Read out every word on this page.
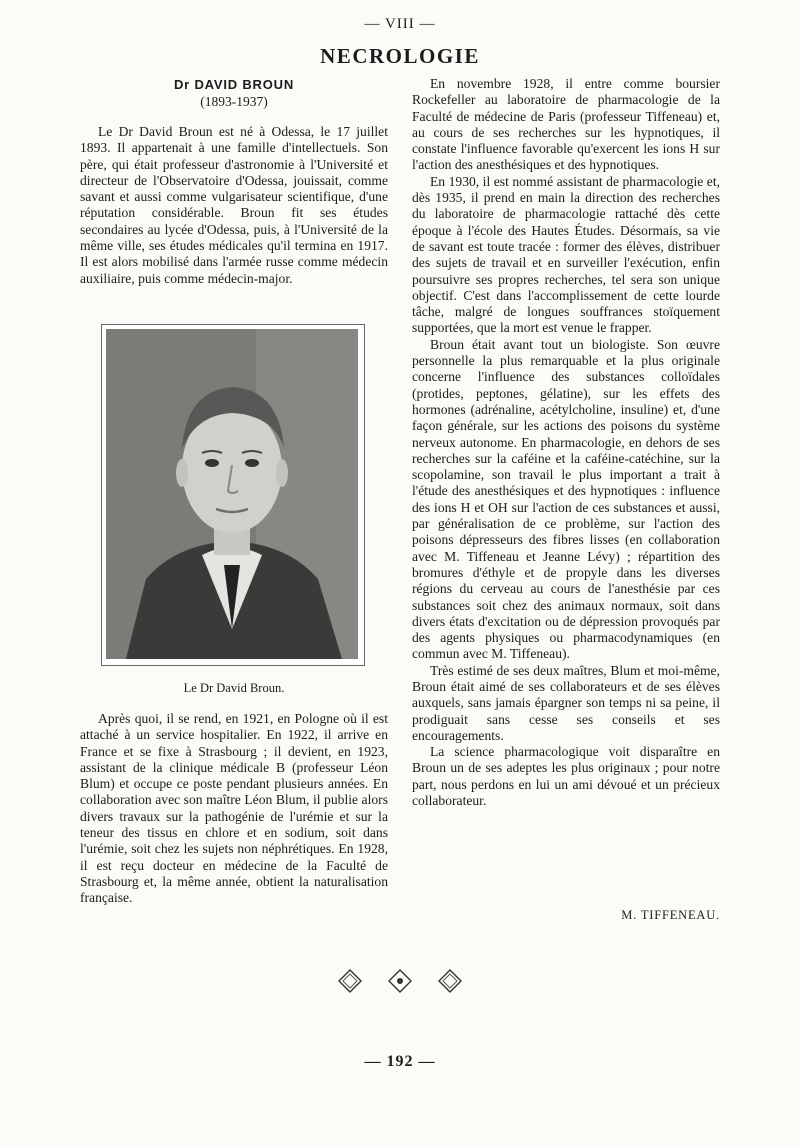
— VIII —
NECROLOGIE
Dr DAVID BROUN
(1893-1937)

Le Dr David Broun est né à Odessa, le 17 juillet 1893. Il appartenait à une famille d'intellectuels. Son père, qui était professeur d'astronomie à l'Université et directeur de l'Observatoire d'Odessa, jouissait, comme savant et aussi comme vulgarisateur scientifique, d'une réputation considérable. Broun fit ses études secondaires au lycée d'Odessa, puis, à l'Université de la même ville, ses études médicales qu'il termina en 1917. Il est alors mobilisé dans l'armée russe comme médecin auxiliaire, puis comme médecin-major.

Le Dr David Broun.

Après quoi, il se rend, en 1921, en Pologne où il est attaché à un service hospitalier. En 1922, il arrive en France et se fixe à Strasbourg ; il devient, en 1923, assistant de la clinique médicale B (professeur Léon Blum) et occupe ce poste pendant plusieurs années. En collaboration avec son maître Léon Blum, il publie alors divers travaux sur la pathogénie de l'urémie et sur la teneur des tissus en chlore et en sodium, soit dans l'urémie, soit chez les sujets non néphrétiques. En 1928, il est reçu docteur en médecine de la Faculté de Strasbourg et, la même année, obtient la naturalisation française.

En novembre 1928, il entre comme boursier Rockefeller au laboratoire de pharmacologie de la Faculté de médecine de Paris (professeur Tiffeneau) et, au cours de ses recherches sur les hypnotiques, il constate l'influence favorable qu'exercent les ions H sur l'action des anesthésiques et des hypnotiques.

En 1930, il est nommé assistant de pharmacologie et, dès 1935, il prend en main la direction des recherches du laboratoire de pharmacologie rattaché dès cette époque à l'école des Hautes Études. Désormais, sa vie de savant est toute tracée : former des élèves, distribuer des sujets de travail et en surveiller l'exécution, enfin poursuivre ses propres recherches, tel sera son unique objectif. C'est dans l'accomplissement de cette lourde tâche, malgré de longues souffrances stoïquement supportées, que la mort est venue le frapper.

Broun était avant tout un biologiste. Son œuvre personnelle la plus remarquable et la plus originale concerne l'influence des substances colloïdales (protides, peptones, gélatine), sur les effets des hormones (adrénaline, acétylcholine, insuline) et, d'une façon générale, sur les actions des poisons du système nerveux autonome. En pharmacologie, en dehors de ses recherches sur la caféine et la caféine-catéchine, sur la scopolamine, son travail le plus important a trait à l'étude des anesthésiques et des hypnotiques : influence des ions H et OH sur l'action de ces substances et aussi, par généralisation de ce problème, sur l'action des poisons dépresseurs des fibres lisses (en collaboration avec M. Tiffeneau et Jeanne Lévy) ; répartition des bromures d'éthyle et de propyle dans les diverses régions du cerveau au cours de l'anesthésie par ces substances soit chez des animaux normaux, soit dans divers états d'excitation ou de dépression provoqués par des agents physiques ou pharmacodynamiques (en commun avec M. Tiffeneau).

Très estimé de ses deux maîtres, Blum et moi-même, Broun était aimé de ses collaborateurs et de ses élèves auxquels, sans jamais épargner son temps ni sa peine, il prodiguait sans cesse ses conseils et ses encouragements.

La science pharmacologique voit disparaître en Broun un de ses adeptes les plus originaux ; pour notre part, nous perdons en lui un ami dévoué et un précieux collaborateur.

M. TIFFENEAU.

— 192 —
